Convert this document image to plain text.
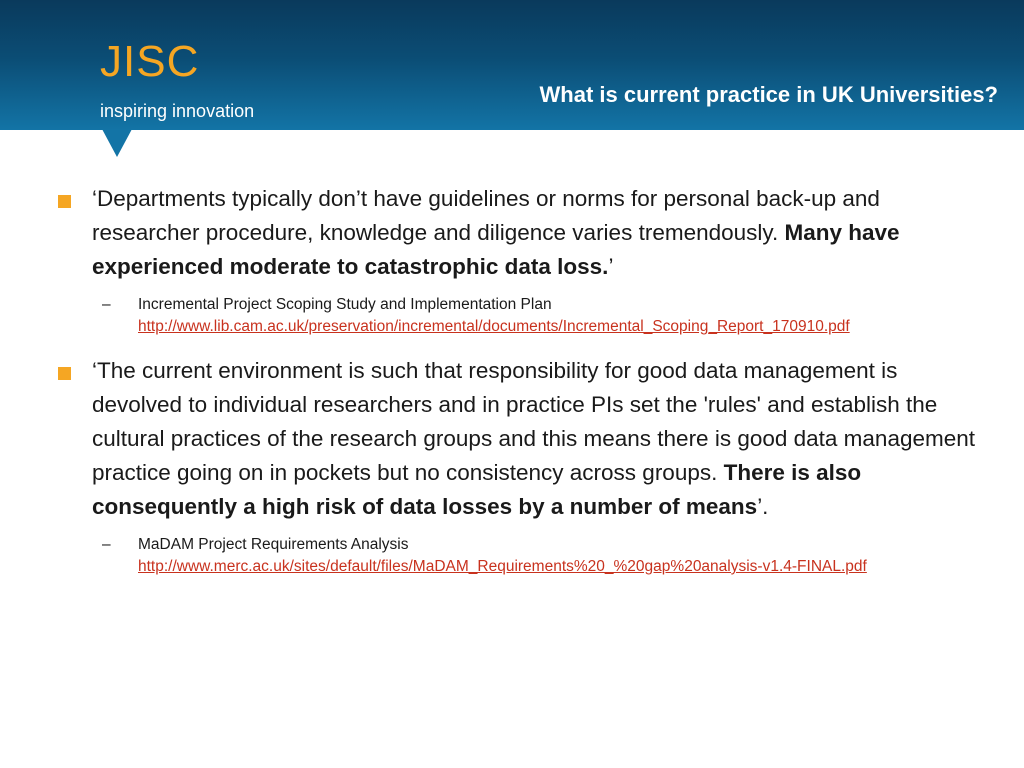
JISC
inspiring innovation
What is current practice in UK Universities?
‘Departments typically don’t have guidelines or norms for personal back-up and researcher procedure, knowledge and diligence varies tremendously. Many have experienced moderate to catastrophic data loss.’
– Incremental Project Scoping Study and Implementation Plan
http://www.lib.cam.ac.uk/preservation/incremental/documents/Incremental_Scoping_Report_170910.pdf
‘The current environment is such that responsibility for good data management is devolved to individual researchers and in practice PIs set the 'rules' and establish the cultural practices of the research groups and this means there is good data management practice going on in pockets but no consistency across groups. There is also consequently a high risk of data losses by a number of means’.
– MaDAM Project Requirements Analysis
http://www.merc.ac.uk/sites/default/files/MaDAM_Requirements%20_%20gap%20analysis-v1.4-FINAL.pdf
